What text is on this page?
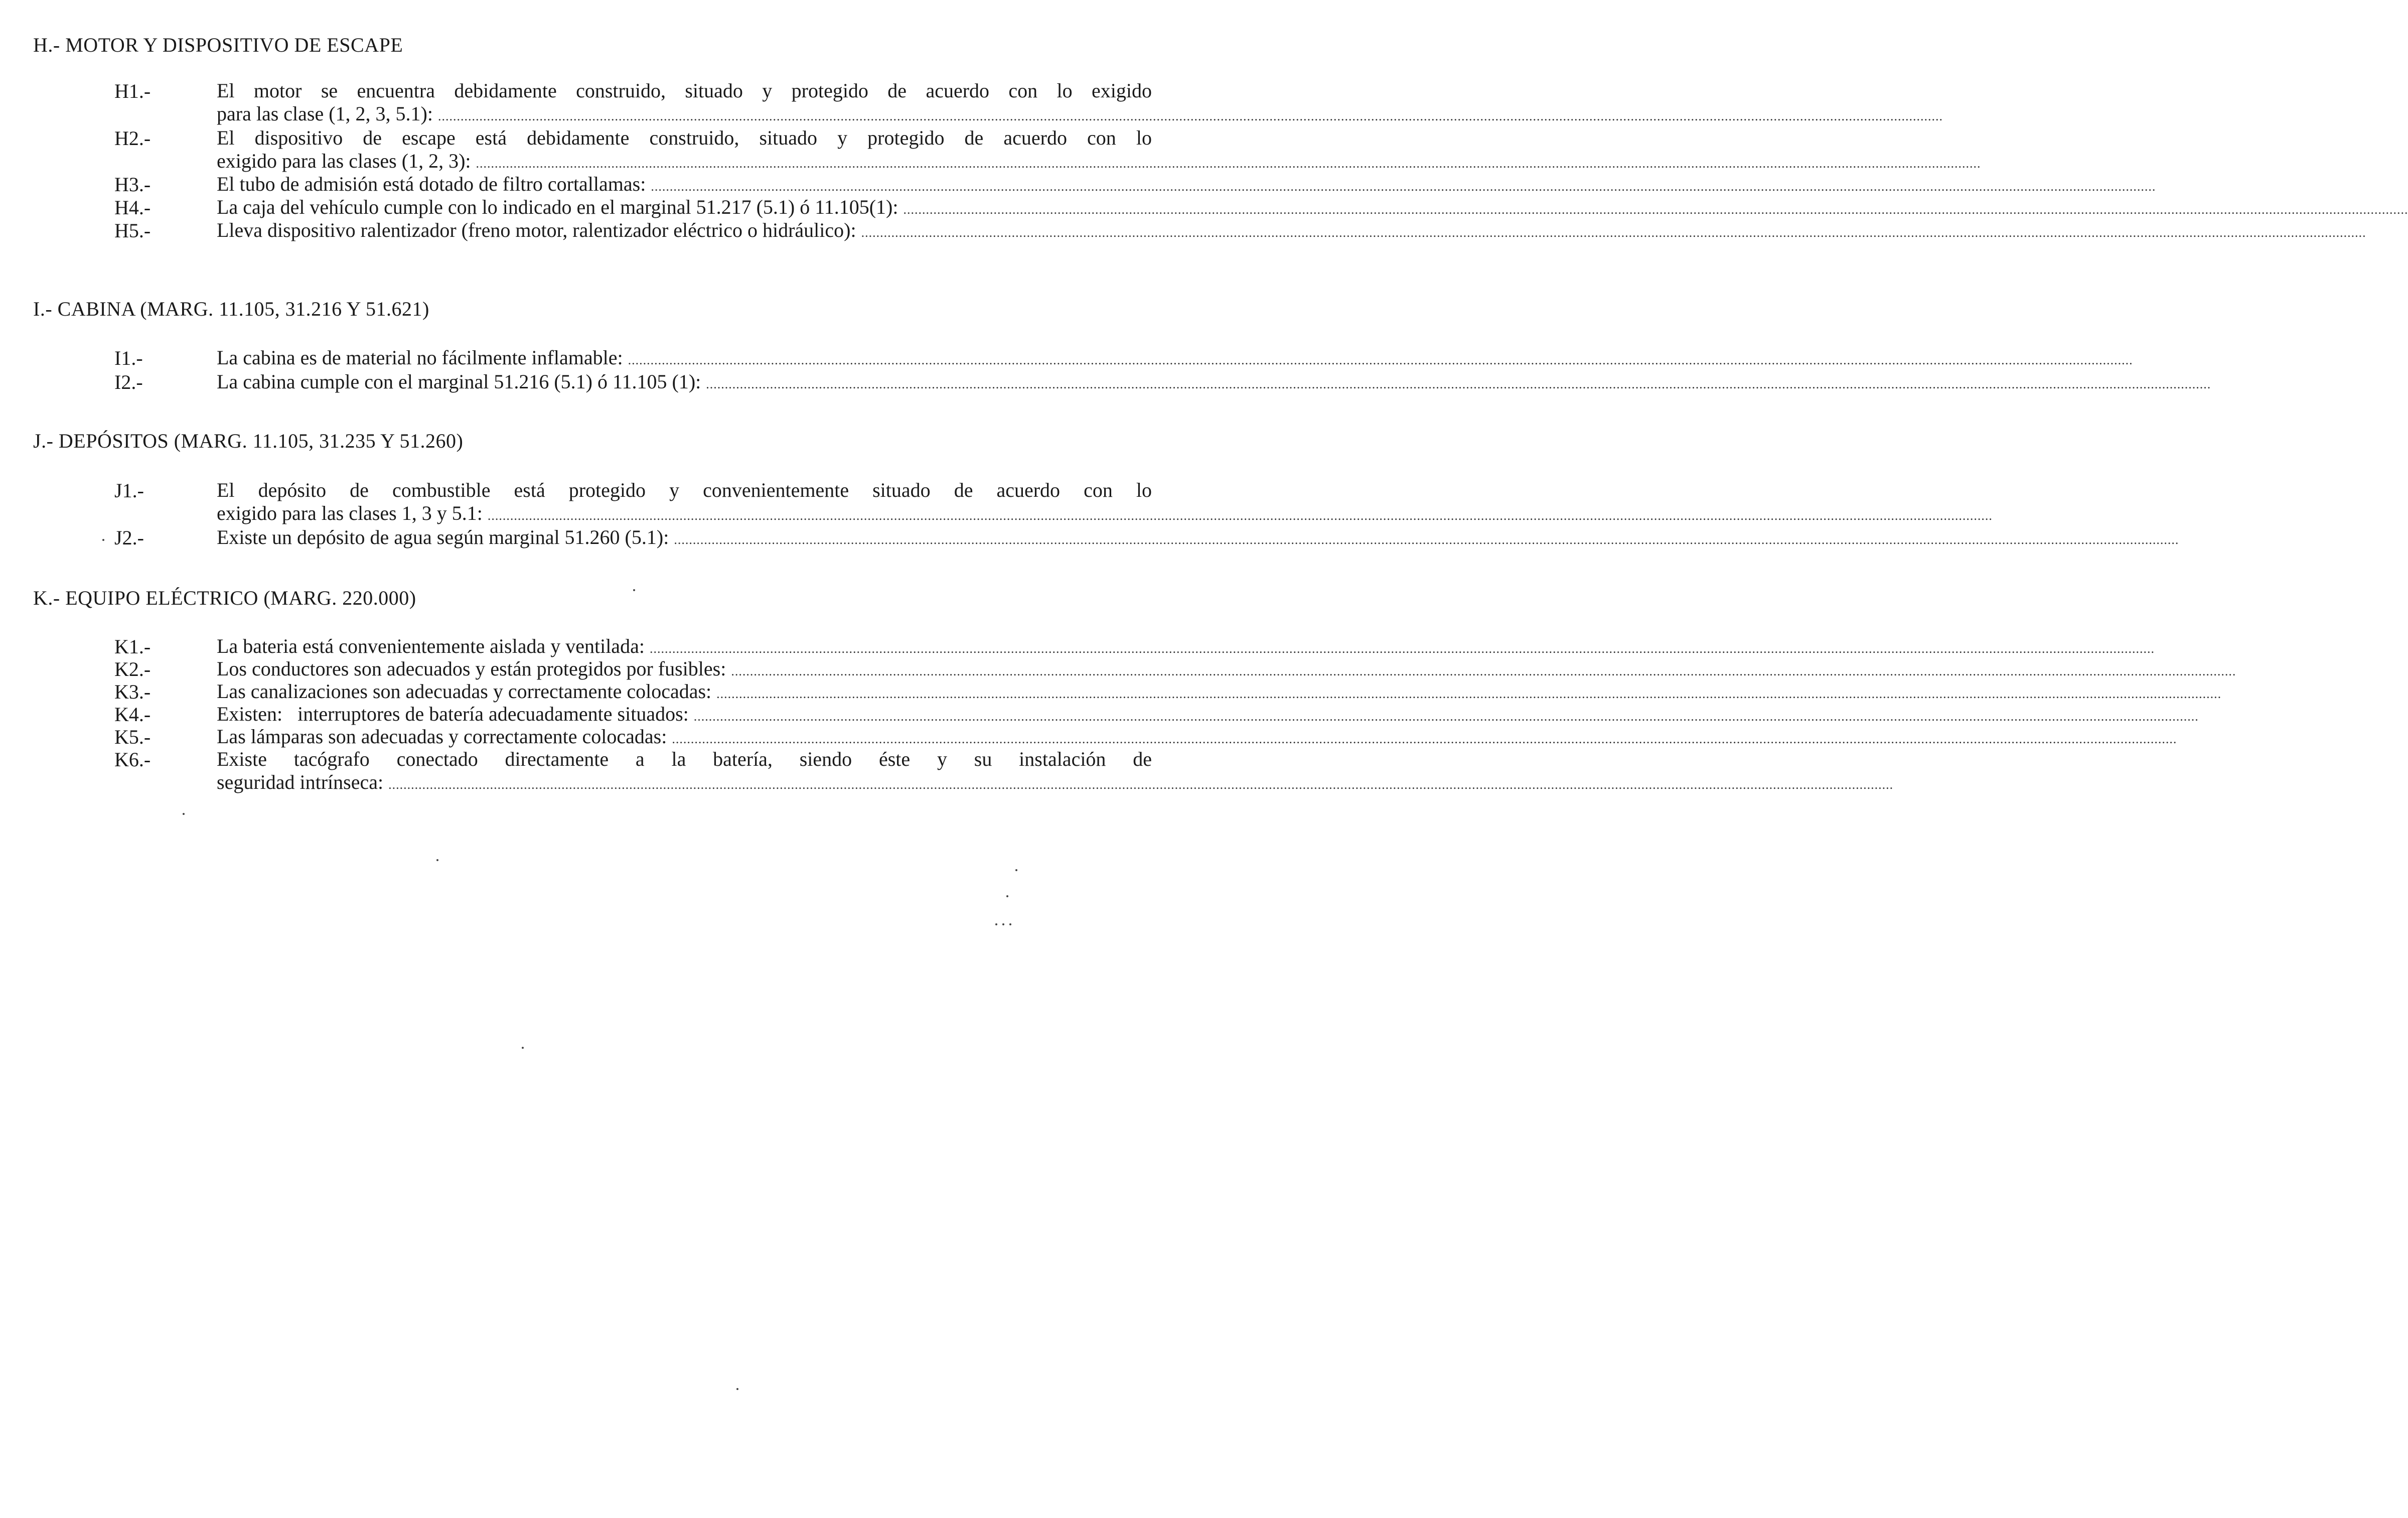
H.- MOTOR Y DISPOSITIVO DE ESCAPE
H1.-	El motor se encuentra debidamente construido, situado y protegido de acuerdo con lo exigido
para las clase (1, 2, 3, 5.1): ................................................................................................................................................................................................................................................................................................................................................................................................................
H2.-	El dispositivo de escape está debidamente construido, situado y protegido de acuerdo con lo
exigido para las clases (1, 2, 3): ................................................................................................................................................................................................................................................................................................................................................................................................................
H3.-	El tubo de admisión está dotado de filtro cortallamas: ................................................................................................................................................................................................................................................................................................................................................................................................................
H4.-	La caja del vehículo cumple con lo indicado en el marginal 51.217 (5.1) ó 11.105(1): ................................................................................................................................................................................................................................................................................................................................................................................................................
H5.-	Lleva dispositivo ralentizador (freno motor, ralentizador eléctrico o hidráulico): ................................................................................................................................................................................................................................................................................................................................................................................................................
I.- CABINA (MARG. 11.105, 31.216 Y 51.621)
I1.-	La cabina es de material no fácilmente inflamable: ................................................................................................................................................................................................................................................................................................................................................................................................................
I2.-	La cabina cumple con el marginal 51.216 (5.1) ó 11.105 (1): ................................................................................................................................................................................................................................................................................................................................................................................................................
J.- DEPÓSITOS (MARG. 11.105, 31.235 Y 51.260)
J1.-	El depósito de combustible está protegido y convenientemente situado de acuerdo con lo
exigido para las clases 1, 3 y 5.1: ................................................................................................................................................................................................................................................................................................................................................................................................................
J2.-	Existe un depósito de agua según marginal 51.260 (5.1): ................................................................................................................................................................................................................................................................................................................................................................................................................
K.- EQUIPO ELÉCTRICO (MARG. 220.000)
K1.-	La bateria está convenientemente aislada y ventilada: ................................................................................................................................................................................................................................................................................................................................................................................................................
K2.-	Los conductores son adecuados y están protegidos por fusibles: ................................................................................................................................................................................................................................................................................................................................................................................................................
K3.-	Las canalizaciones son adecuadas y correctamente colocadas: ................................................................................................................................................................................................................................................................................................................................................................................................................
K4.-	Existen:   interruptores de batería adecuadamente situados: ................................................................................................................................................................................................................................................................................................................................................................................................................
K5.-	Las lámparas son adecuadas y correctamente colocadas: ................................................................................................................................................................................................................................................................................................................................................................................................................
K6.-	Existe tacógrafo conectado directamente a la batería, siendo éste y su instalación de
seguridad intrínseca: ................................................................................................................................................................................................................................................................................................................................................................................................................
